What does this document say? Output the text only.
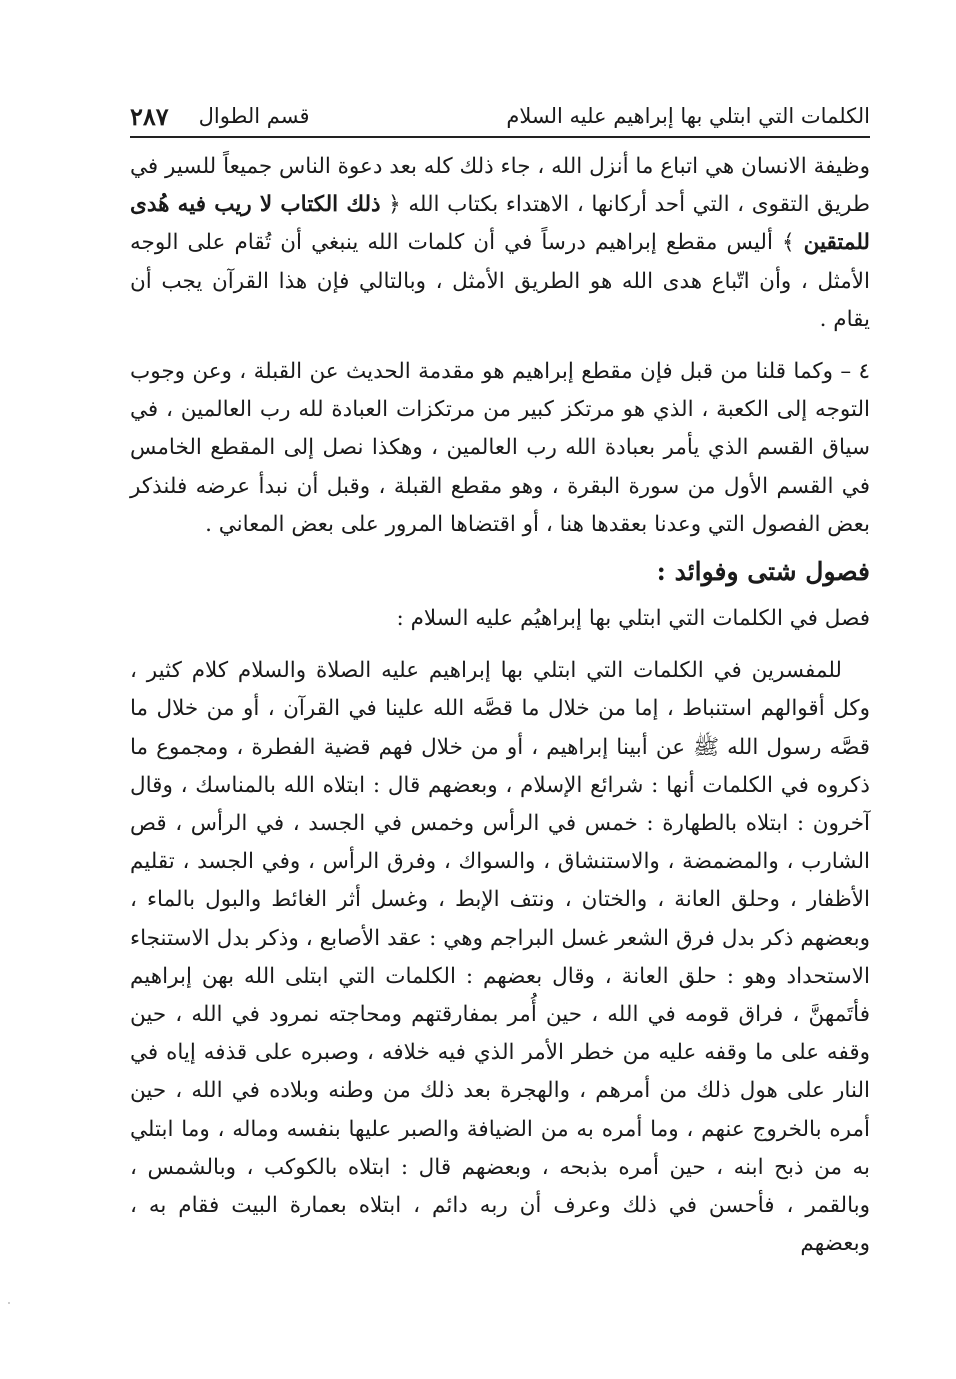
الكلمات التي ابتلي بها إبراهيم عليه السلام
قسم الطوال
٢٨٧

وظيفة الانسان هي اتباع ما أنزل الله ، جاء ذلك كله بعد دعوة الناس جميعاً للسير في طريق التقوى ، التي أحد أركانها ، الاهتداء بكتاب الله ﴿ ذلك الكتاب لا ريب فيه هُدى للمتقين ﴾ أليس مقطع إبراهيم درساً في أن كلمات الله ينبغي أن تُقام على الوجه الأمثل ، وأن اتّباع هدى الله هو الطريق الأمثل ، وبالتالي فإن هذا القرآن يجب أن يقام .

٤ – وكما قلنا من قبل فإن مقطع إبراهيم هو مقدمة الحديث عن القبلة ، وعن وجوب التوجه إلى الكعبة ، الذي هو مرتكز كبير من مرتكزات العبادة لله رب العالمين ، في سياق القسم الذي يأمر بعبادة الله رب العالمين ، وهكذا نصل إلى المقطع الخامس في القسم الأول من سورة البقرة ، وهو مقطع القبلة ، وقبل أن نبدأ عرضه فلنذكر بعض الفصول التي وعدنا بعقدها هنا ، أو اقتضاها المرور على بعض المعاني .

فصول شتى وفوائد :

فصل في الكلمات التي ابتلي بها إبراهيُم عليه السلام :

للمفسرين في الكلمات التي ابتلي بها إبراهيم عليه الصلاة والسلام كلام كثير ، وكل أقوالهم استنباط ، إما من خلال ما قصَّه الله علينا في القرآن ، أو من خلال ما قصَّه رسول الله ﷺ عن أبينا إبراهيم ، أو من خلال فهم قضية الفطرة ، ومجموع ما ذكروه في الكلمات أنها : شرائع الإسلام ، وبعضهم قال : ابتلاه الله بالمناسك ، وقال آخرون : ابتلاه بالطهارة : خمس في الرأس وخمس في الجسد ، في الرأس ، قص الشارب ، والمضمضة ، والاستنشاق ، والسواك ، وفرق الرأس ، وفي الجسد ، تقليم الأظفار ، وحلق العانة ، والختان ، ونتف الإبط ، وغسل أثر الغائط والبول بالماء ، وبعضهم ذكر بدل فرق الشعر غسل البراجم وهي : عقد الأصابع ، وذكر بدل الاستنجاء الاستحداد وهو : حلق العانة ، وقال بعضهم : الكلمات التي ابتلى الله بهن إبراهيم فأتَمهنَّ ، فراق قومه في الله ، حين أُمر بمفارقتهم ومحاجته نمرود في الله ، حين وقفه على ما وقفه عليه من خطر الأمر الذي فيه خلافه ، وصبره على قذفه إياه في النار على هول ذلك من أمرهم ، والهجرة بعد ذلك من وطنه وبلاده في الله ، حين أمره بالخروج عنهم ، وما أمره به من الضيافة والصبر عليها بنفسه وماله ، وما ابتلي به من ذبح ابنه ، حين أمره بذبحه ، وبعضهم قال : ابتلاه بالكوكب ، وبالشمس ، وبالقمر ، فأحسن في ذلك وعرف أن ربه دائم ، ابتلاه بعمارة البيت فقام به ، وبعضهم
